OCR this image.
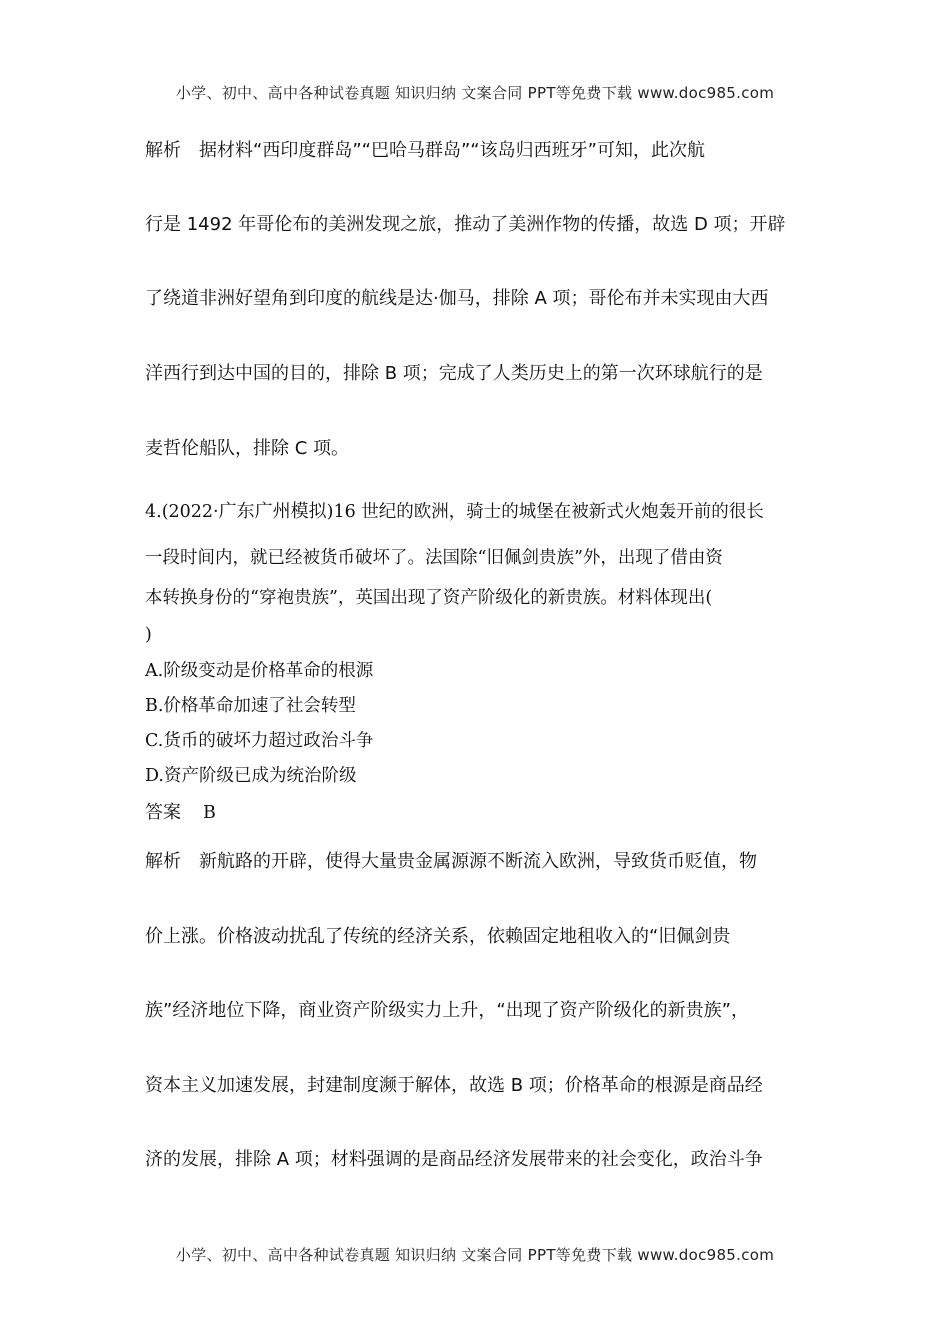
小学、初中、高中各种试卷真题 知识归纳 文案合同 PPT等免费下载 www.doc985.com
解析　据材料“西印度群岛”“巴哈马群岛”“该岛归西班牙”可知，此次航
行是 1492 年哥伦布的美洲发现之旅，推动了美洲作物的传播，故选 D 项；开辟
了绕道非洲好望角到印度的航线是达·伽马，排除 A 项；哥伦布并未实现由大西
洋西行到达中国的目的，排除 B 项；完成了人类历史上的第一次环球航行的是
麦哲伦船队，排除 C 项。
4.(2022·广东广州模拟)16 世纪的欧洲，骑士的城堡在被新式火炮轰开前的很长
一段时间内，就已经被货币破坏了。法国除“旧佩剑贵族”外，出现了借由资
本转换身份的“穿袍贵族”，英国出现了资产阶级化的新贵族。材料体现出(
)
A.阶级变动是价格革命的根源
B.价格革命加速了社会转型
C.货币的破坏力超过政治斗争
D.资产阶级已成为统治阶级
答案 B
解析　新航路的开辟，使得大量贵金属源源不断流入欧洲，导致货币贬值，物
价上涨。价格波动扰乱了传统的经济关系，依赖固定地租收入的“旧佩剑贵
族”经济地位下降，商业资产阶级实力上升，“出现了资产阶级化的新贵族”，
资本主义加速发展，封建制度濒于解体，故选 B 项；价格革命的根源是商品经
济的发展，排除 A 项；材料强调的是商品经济发展带来的社会变化，政治斗争
小学、初中、高中各种试卷真题 知识归纳 文案合同 PPT等免费下载 www.doc985.com
